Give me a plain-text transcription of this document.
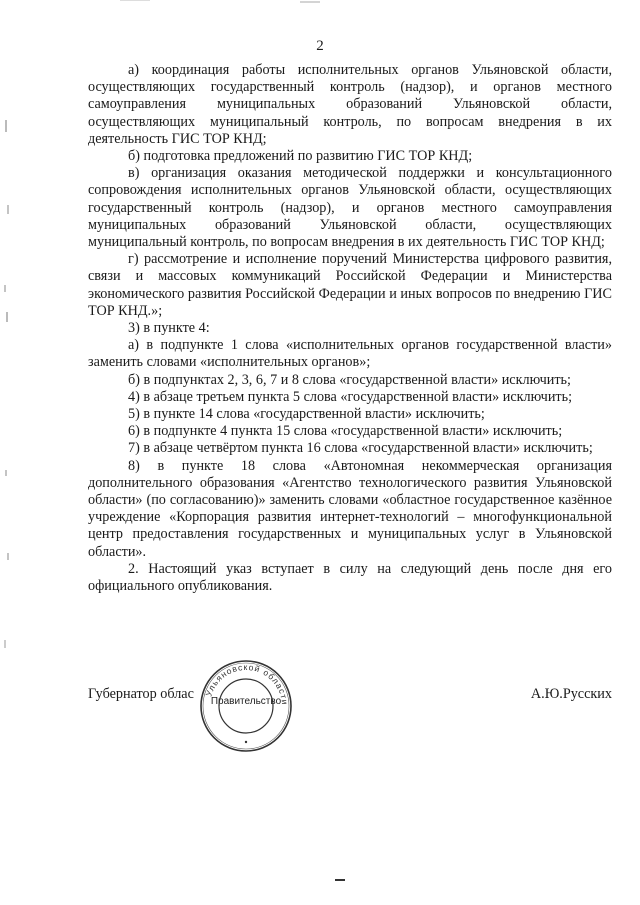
2

а) координация работы исполнительных органов Ульяновской области, осуществляющих государственный контроль (надзор), и органов местного самоуправления муниципальных образований Ульяновской области, осуществляющих муниципальный контроль, по вопросам внедрения в их деятельность ГИС ТОР КНД;

б) подготовка предложений по развитию ГИС ТОР КНД;

в) организация оказания методической поддержки и консультационного сопровождения исполнительных органов Ульяновской области, осуществляющих государственный контроль (надзор), и органов местного самоуправления муниципальных образований Ульяновской области, осуществляющих муниципальный контроль, по вопросам внедрения в их деятельность ГИС ТОР КНД;

г) рассмотрение и исполнение поручений Министерства цифрового развития, связи и массовых коммуникаций Российской Федерации и Министерства экономического развития Российской Федерации и иных вопросов по внедрению ГИС ТОР КНД.»;

3) в пункте 4:

а) в подпункте 1 слова «исполнительных органов государственной власти» заменить словами «исполнительных органов»;

б) в подпунктах 2, 3, 6, 7 и 8 слова «государственной власти» исключить;

4) в абзаце третьем пункта 5 слова «государственной власти» исключить;

5) в пункте 14 слова «государственной власти» исключить;

6) в подпункте 4 пункта 15 слова «государственной власти» исключить;

7) в абзаце четвёртом пункта 16 слова «государственной власти» исключить;

8) в пункте 18 слова «Автономная некоммерческая организация дополнительного образования «Агентство технологического развития Ульяновской области» (по согласованию)» заменить словами «областное государственное казённое учреждение «Корпорация развития интернет-технологий – многофункциональной центр предоставления государственных и муниципальных услуг в Ульяновской области».

2. Настоящий указ вступает в силу на следующий день после дня его официального опубликования.

Губернатор облас	А.Ю.Русских
Ульяновской области
Правительство
